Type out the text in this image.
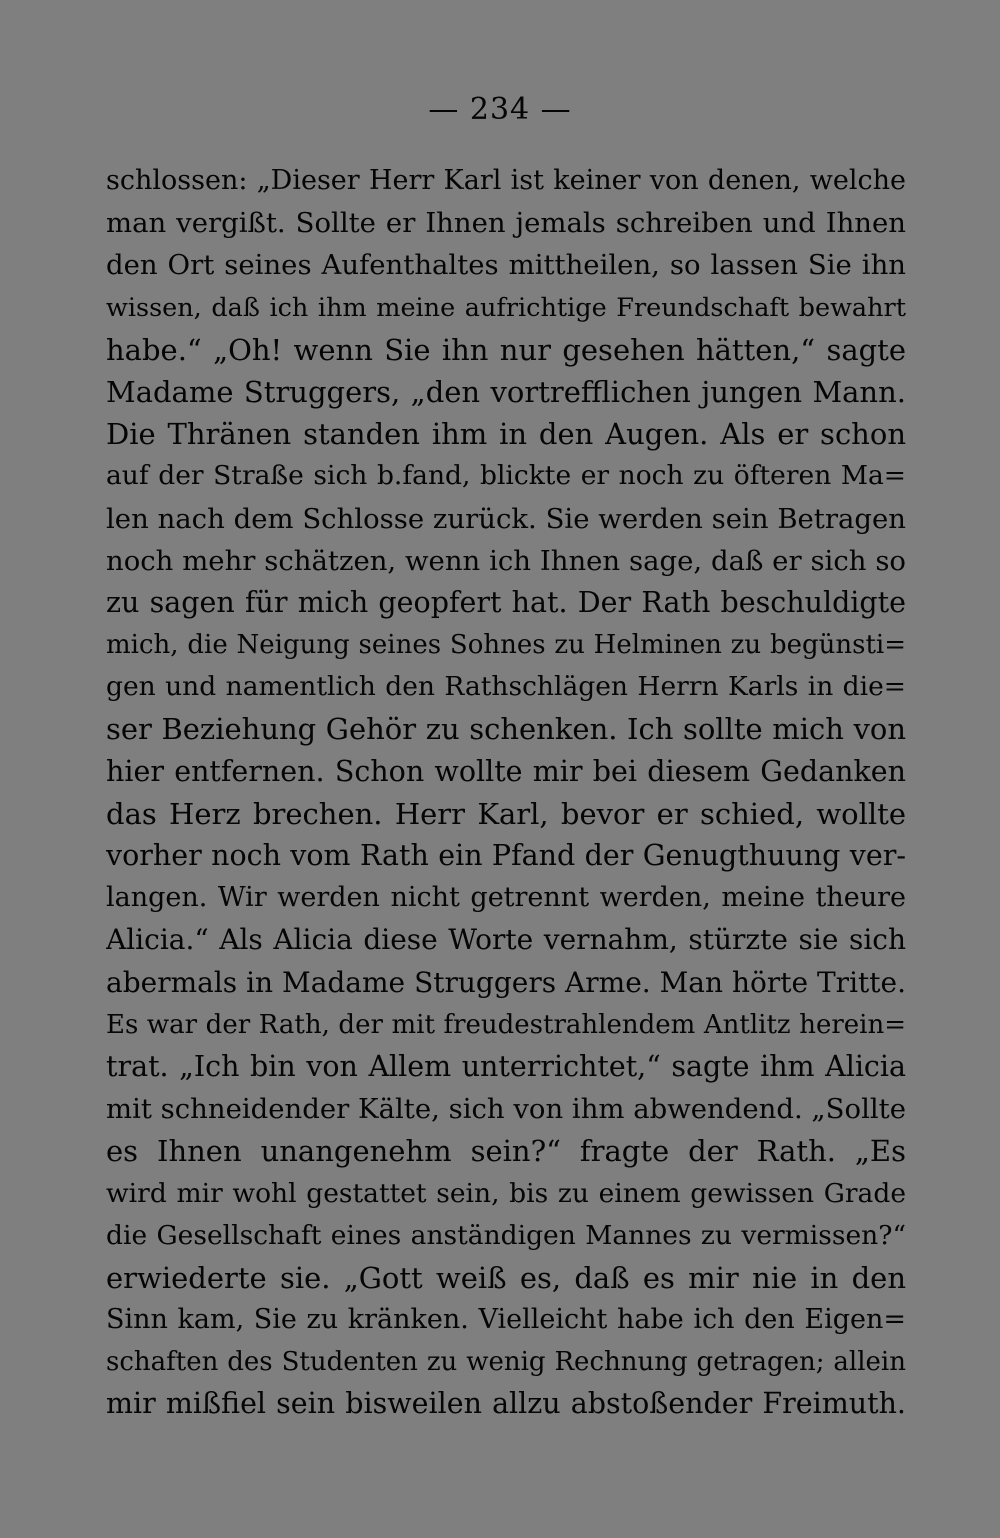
— 234 —
schlossen: „Dieser Herr Karl ist keiner von denen, welche
man vergißt. Sollte er Ihnen jemals schreiben und Ihnen
den Ort seines Aufenthaltes mittheilen, so lassen Sie ihn
wissen, daß ich ihm meine aufrichtige Freundschaft bewahrt
habe.“ „Oh! wenn Sie ihn nur gesehen hätten,“ sagte
Madame Struggers, „den vortrefflichen jungen Mann.
Die Thränen standen ihm in den Augen. Als er schon
auf der Straße sich b.fand, blickte er noch zu öfteren Ma=
len nach dem Schlosse zurück. Sie werden sein Betragen
noch mehr schätzen, wenn ich Ihnen sage, daß er sich so
zu sagen für mich geopfert hat. Der Rath beschuldigte
mich, die Neigung seines Sohnes zu Helminen zu begünsti=
gen und namentlich den Rathschlägen Herrn Karls in die=
ser Beziehung Gehör zu schenken. Ich sollte mich von
hier entfernen. Schon wollte mir bei diesem Gedanken
das Herz brechen. Herr Karl, bevor er schied, wollte
vorher noch vom Rath ein Pfand der Genugthuung ver-
langen. Wir werden nicht getrennt werden, meine theure
Alicia.“ Als Alicia diese Worte vernahm, stürzte sie sich
abermals in Madame Struggers Arme. Man hörte Tritte.
Es war der Rath, der mit freudestrahlendem Antlitz herein=
trat. „Ich bin von Allem unterrichtet,“ sagte ihm Alicia
mit schneidender Kälte, sich von ihm abwendend. „Sollte
es Ihnen unangenehm sein?“ fragte der Rath. „Es
wird mir wohl gestattet sein, bis zu einem gewissen Grade
die Gesellschaft eines anständigen Mannes zu vermissen?“
erwiederte sie. „Gott weiß es, daß es mir nie in den
Sinn kam, Sie zu kränken. Vielleicht habe ich den Eigen=
schaften des Studenten zu wenig Rechnung getragen; allein
mir mißfiel sein bisweilen allzu abstoßender Freimuth.
